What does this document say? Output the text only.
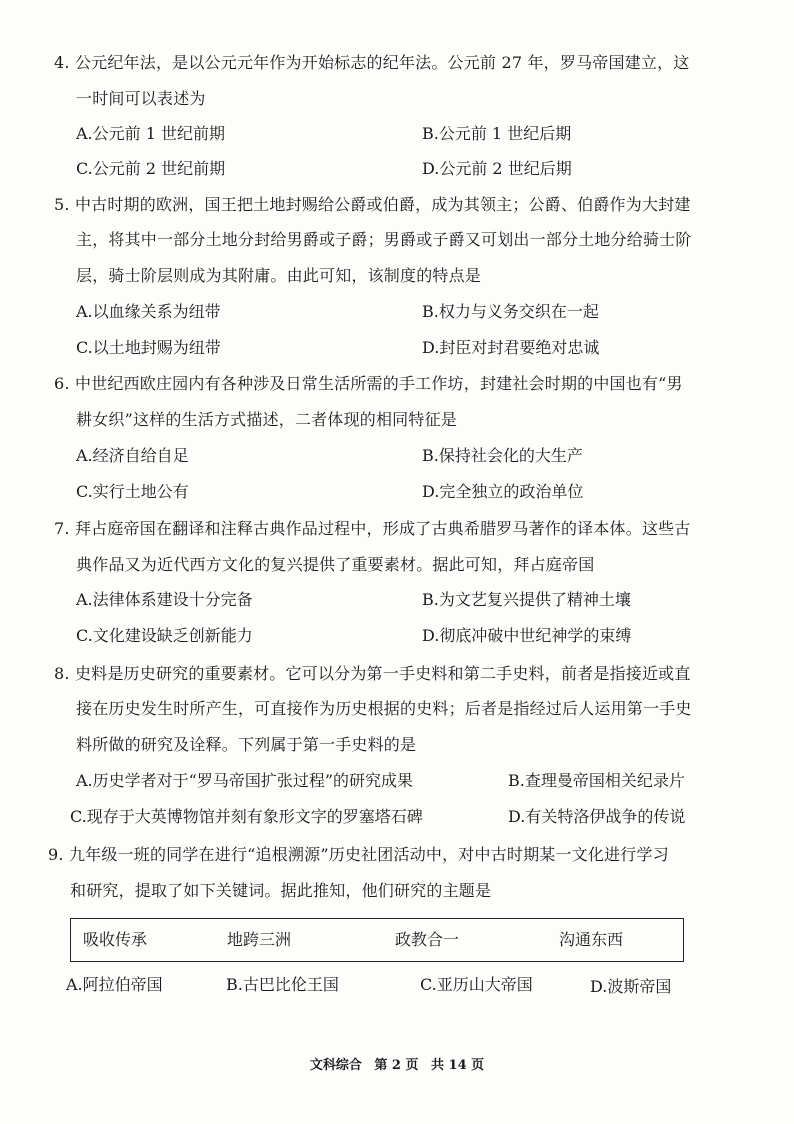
4. 公元纪年法，是以公元元年作为开始标志的纪年法。公元前 27 年，罗马帝国建立，这
一时间可以表述为
A.公元前 1 世纪前期	B.公元前 1 世纪后期
C.公元前 2 世纪前期	D.公元前 2 世纪后期
5. 中古时期的欧洲，国王把土地封赐给公爵或伯爵，成为其领主；公爵、伯爵作为大封建
主，将其中一部分土地分封给男爵或子爵；男爵或子爵又可划出一部分土地分给骑士阶
层，骑士阶层则成为其附庸。由此可知，该制度的特点是
A.以血缘关系为纽带	B.权力与义务交织在一起
C.以土地封赐为纽带	D.封臣对封君要绝对忠诚
6. 中世纪西欧庄园内有各种涉及日常生活所需的手工作坊，封建社会时期的中国也有“男
耕女织”这样的生活方式描述，二者体现的相同特征是
A.经济自给自足	B.保持社会化的大生产
C.实行土地公有	D.完全独立的政治单位
7. 拜占庭帝国在翻译和注释古典作品过程中，形成了古典希腊罗马著作的译本体。这些古
典作品又为近代西方文化的复兴提供了重要素材。据此可知，拜占庭帝国
A.法律体系建设十分完备	B.为文艺复兴提供了精神土壤
C.文化建设缺乏创新能力	D.彻底冲破中世纪神学的束缚
8. 史料是历史研究的重要素材。它可以分为第一手史料和第二手史料，前者是指接近或直
接在历史发生时所产生，可直接作为历史根据的史料；后者是指经过后人运用第一手史
料所做的研究及诠释。下列属于第一手史料的是
A.历史学者对于“罗马帝国扩张过程”的研究成果	B.查理曼帝国相关纪录片
C.现存于大英博物馆并刻有象形文字的罗塞塔石碑	D.有关特洛伊战争的传说
9. 九年级一班的同学在进行“追根溯源”历史社团活动中，对中古时期某一文化进行学习
和研究，提取了如下关键词。据此推知，他们研究的主题是
吸收传承	地跨三洲	政教合一	沟通东西
A.阿拉伯帝国	B.古巴比伦王国	C.亚历山大帝国	D.波斯帝国
文科综合 第 2 页 共 14 页
